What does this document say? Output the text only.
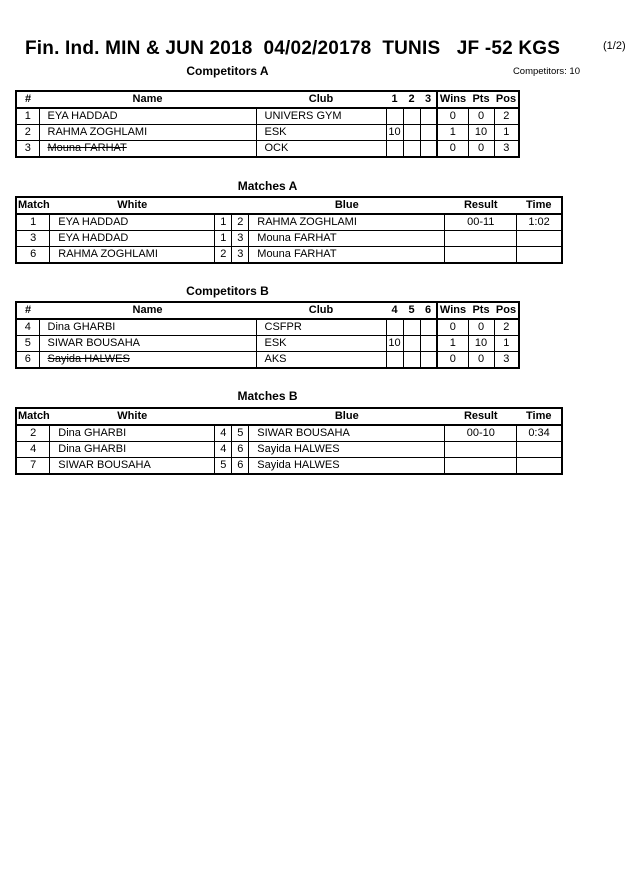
Fin. Ind. MIN & JUN 2018  04/02/20178  TUNIS   JF -52 KGS	(1/2)
Competitors: 10
Competitors A
#	Name	Club	1	2	3	Wins	Pts	Pos
1	EYA HADDAD	UNIVERS GYM				0	0	2
2	RAHMA ZOGHLAMI	ESK	10			1	10	1
3	Mouna FARHAT	OCK				0	0	3
Matches A
Match	White			Blue	Result	Time
1	EYA HADDAD	1	2	RAHMA ZOGHLAMI	00-11	1:02
3	EYA HADDAD	1	3	Mouna FARHAT		
6	RAHMA ZOGHLAMI	2	3	Mouna FARHAT		
Competitors B
#	Name	Club	4	5	6	Wins	Pts	Pos
4	Dina GHARBI	CSFPR				0	0	2
5	SIWAR BOUSAHA	ESK	10			1	10	1
6	Sayida HALWES	AKS				0	0	3
Matches B
Match	White			Blue	Result	Time
2	Dina GHARBI	4	5	SIWAR BOUSAHA	00-10	0:34
4	Dina GHARBI	4	6	Sayida HALWES		
7	SIWAR BOUSAHA	5	6	Sayida HALWES		
